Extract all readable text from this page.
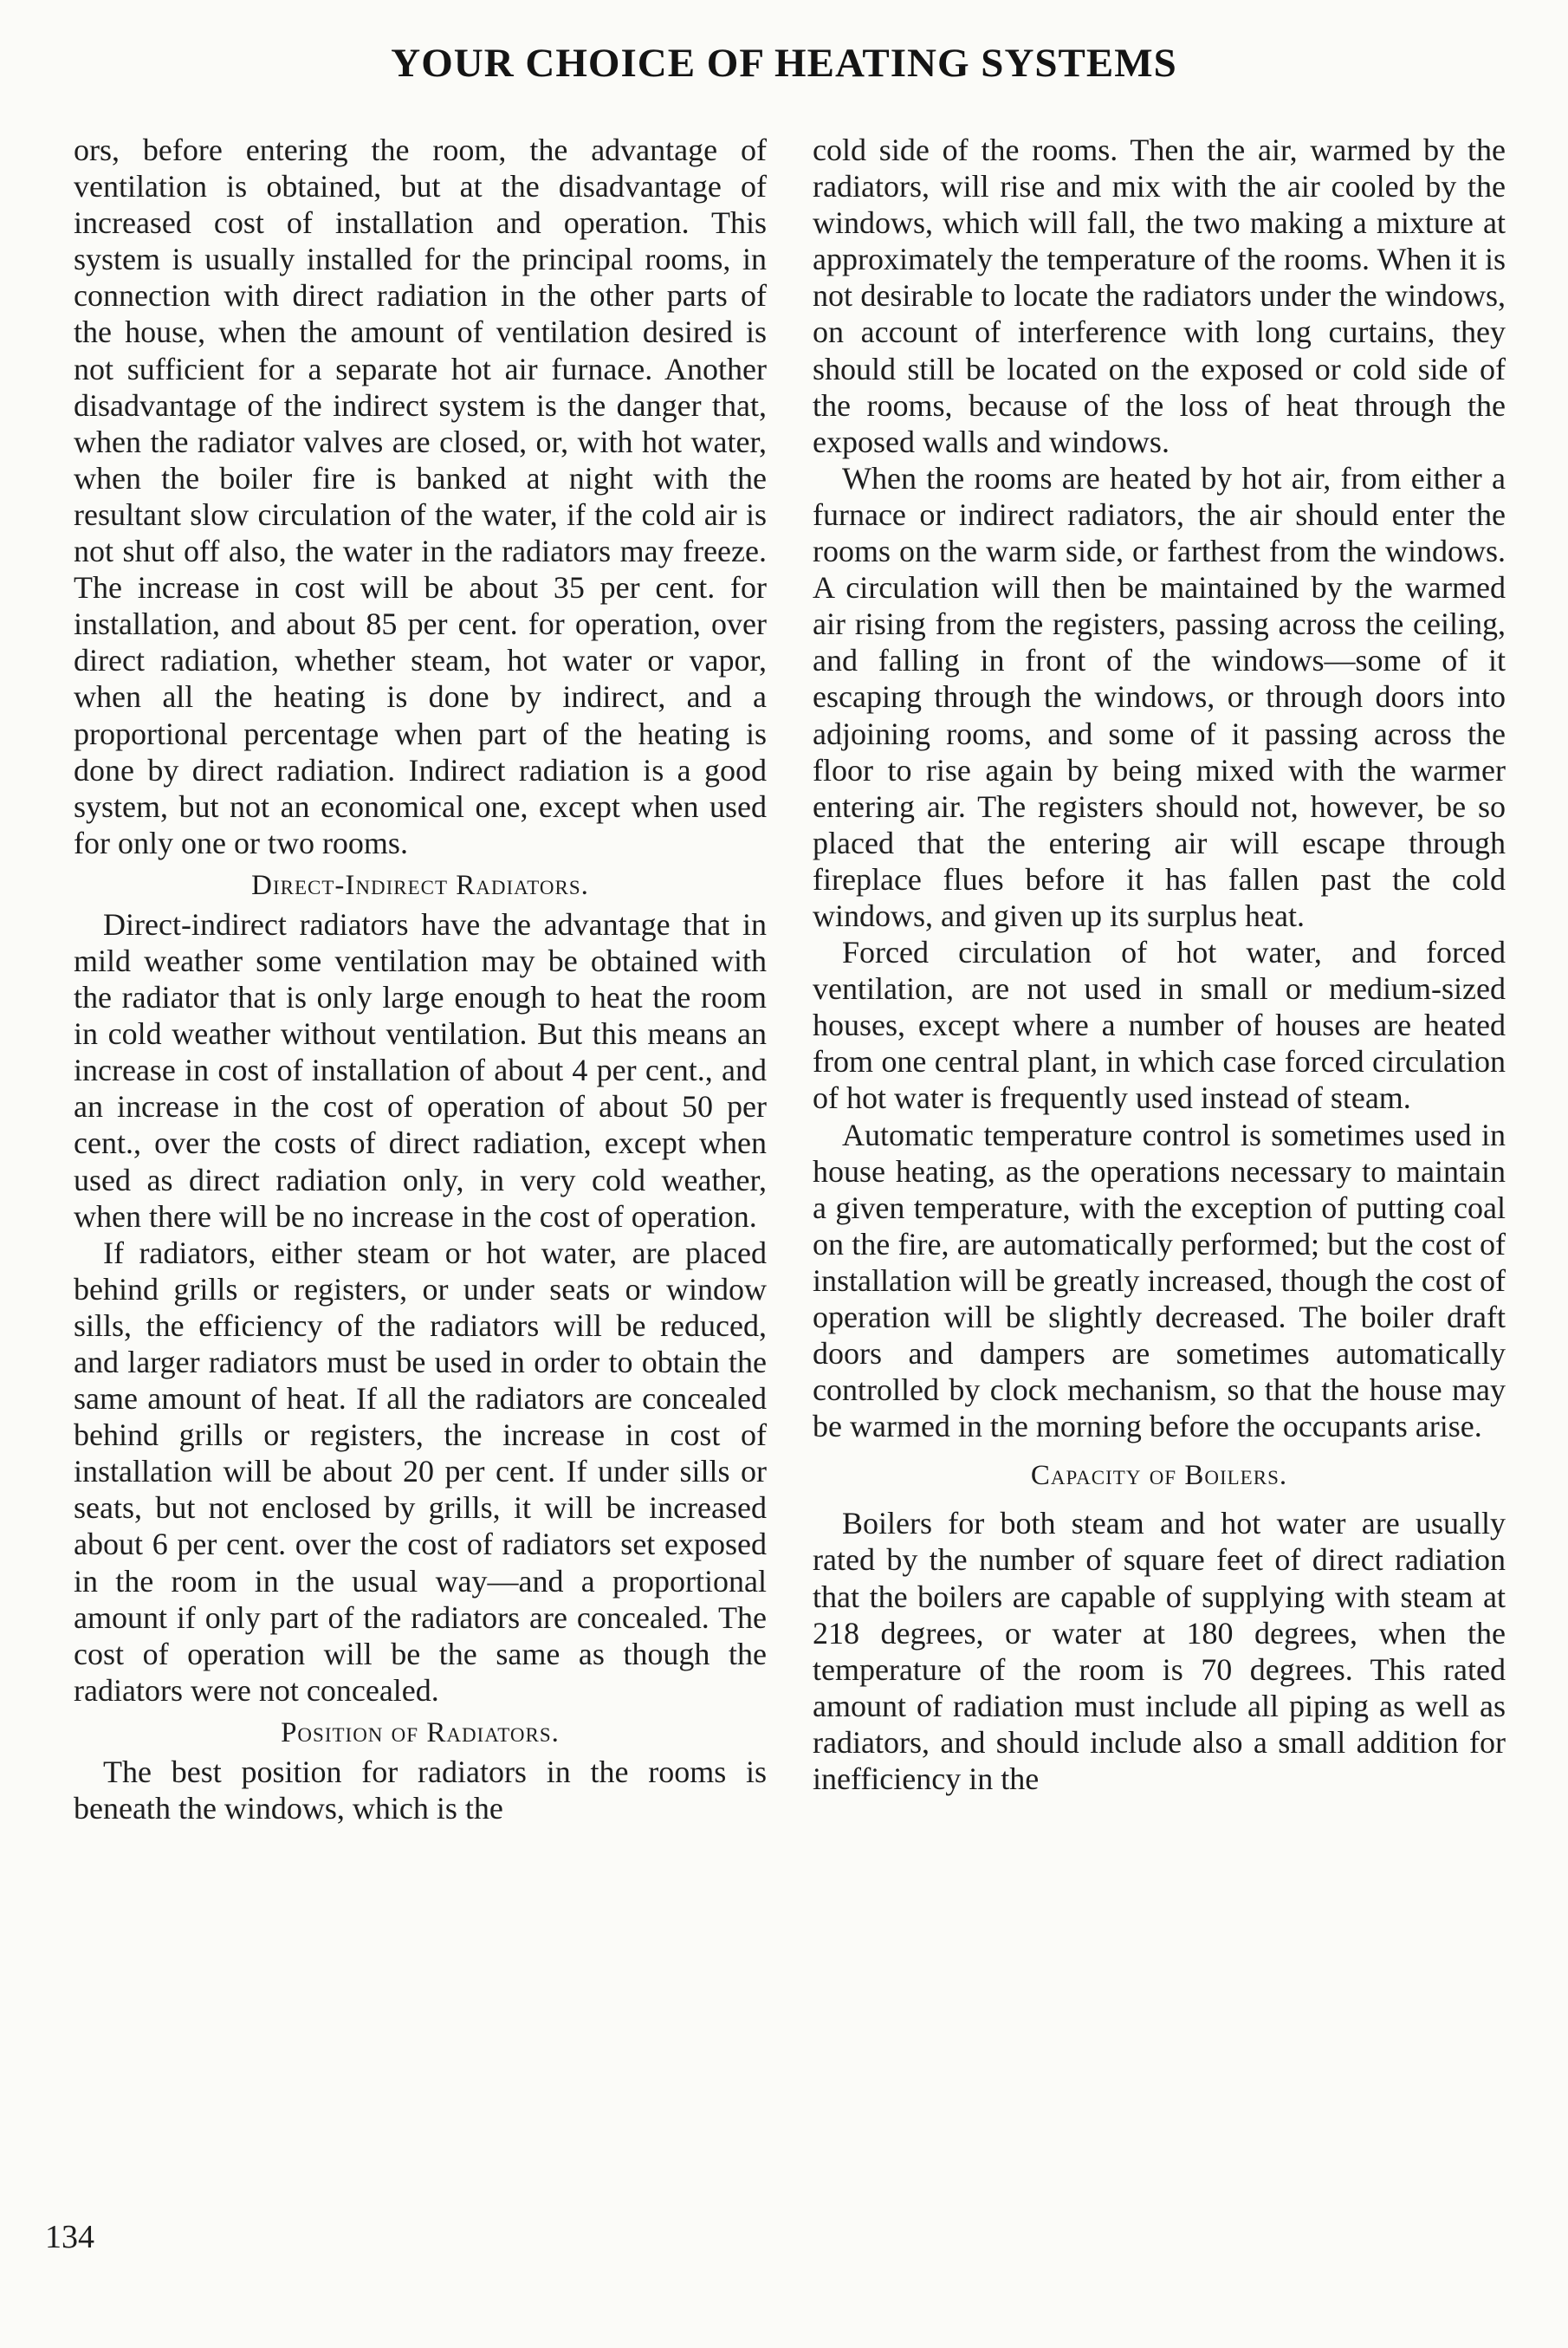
YOUR CHOICE OF HEATING SYSTEMS

ors, before entering the room, the advantage of ventilation is obtained, but at the disadvantage of increased cost of installation and operation. This system is usually installed for the principal rooms, in connection with direct radiation in the other parts of the house, when the amount of ventilation desired is not sufficient for a separate hot air furnace. Another disadvantage of the indirect system is the danger that, when the radiator valves are closed, or, with hot water, when the boiler fire is banked at night with the resultant slow circulation of the water, if the cold air is not shut off also, the water in the radiators may freeze. The increase in cost will be about 35 per cent. for installation, and about 85 per cent. for operation, over direct radiation, whether steam, hot water or vapor, when all the heating is done by indirect, and a proportional percentage when part of the heating is done by direct radiation. Indirect radiation is a good system, but not an economical one, except when used for only one or two rooms.

Direct-Indirect Radiators.

Direct-indirect radiators have the advantage that in mild weather some ventilation may be obtained with the radiator that is only large enough to heat the room in cold weather without ventilation. But this means an increase in cost of installation of about 4 per cent., and an increase in the cost of operation of about 50 per cent., over the costs of direct radiation, except when used as direct radiation only, in very cold weather, when there will be no increase in the cost of operation.

If radiators, either steam or hot water, are placed behind grills or registers, or under seats or window sills, the efficiency of the radiators will be reduced, and larger radiators must be used in order to obtain the same amount of heat. If all the radiators are concealed behind grills or registers, the increase in cost of installation will be about 20 per cent. If under sills or seats, but not enclosed by grills, it will be increased about 6 per cent. over the cost of radiators set exposed in the room in the usual way—and a proportional amount if only part of the radiators are concealed. The cost of operation will be the same as though the radiators were not concealed.

Position of Radiators.

The best position for radiators in the rooms is beneath the windows, which is the

cold side of the rooms. Then the air, warmed by the radiators, will rise and mix with the air cooled by the windows, which will fall, the two making a mixture at approximately the temperature of the rooms. When it is not desirable to locate the radiators under the windows, on account of interference with long curtains, they should still be located on the exposed or cold side of the rooms, because of the loss of heat through the exposed walls and windows.

When the rooms are heated by hot air, from either a furnace or indirect radiators, the air should enter the rooms on the warm side, or farthest from the windows. A circulation will then be maintained by the warmed air rising from the registers, passing across the ceiling, and falling in front of the windows—some of it escaping through the windows, or through doors into adjoining rooms, and some of it passing across the floor to rise again by being mixed with the warmer entering air. The registers should not, however, be so placed that the entering air will escape through fireplace flues before it has fallen past the cold windows, and given up its surplus heat.

Forced circulation of hot water, and forced ventilation, are not used in small or medium-sized houses, except where a number of houses are heated from one central plant, in which case forced circulation of hot water is frequently used instead of steam.

Automatic temperature control is sometimes used in house heating, as the operations necessary to maintain a given temperature, with the exception of putting coal on the fire, are automatically performed; but the cost of installation will be greatly increased, though the cost of operation will be slightly decreased. The boiler draft doors and dampers are sometimes automatically controlled by clock mechanism, so that the house may be warmed in the morning before the occupants arise.

Capacity of Boilers.

Boilers for both steam and hot water are usually rated by the number of square feet of direct radiation that the boilers are capable of supplying with steam at 218 degrees, or water at 180 degrees, when the temperature of the room is 70 degrees. This rated amount of radiation must include all piping as well as radiators, and should include also a small addition for inefficiency in the

134
